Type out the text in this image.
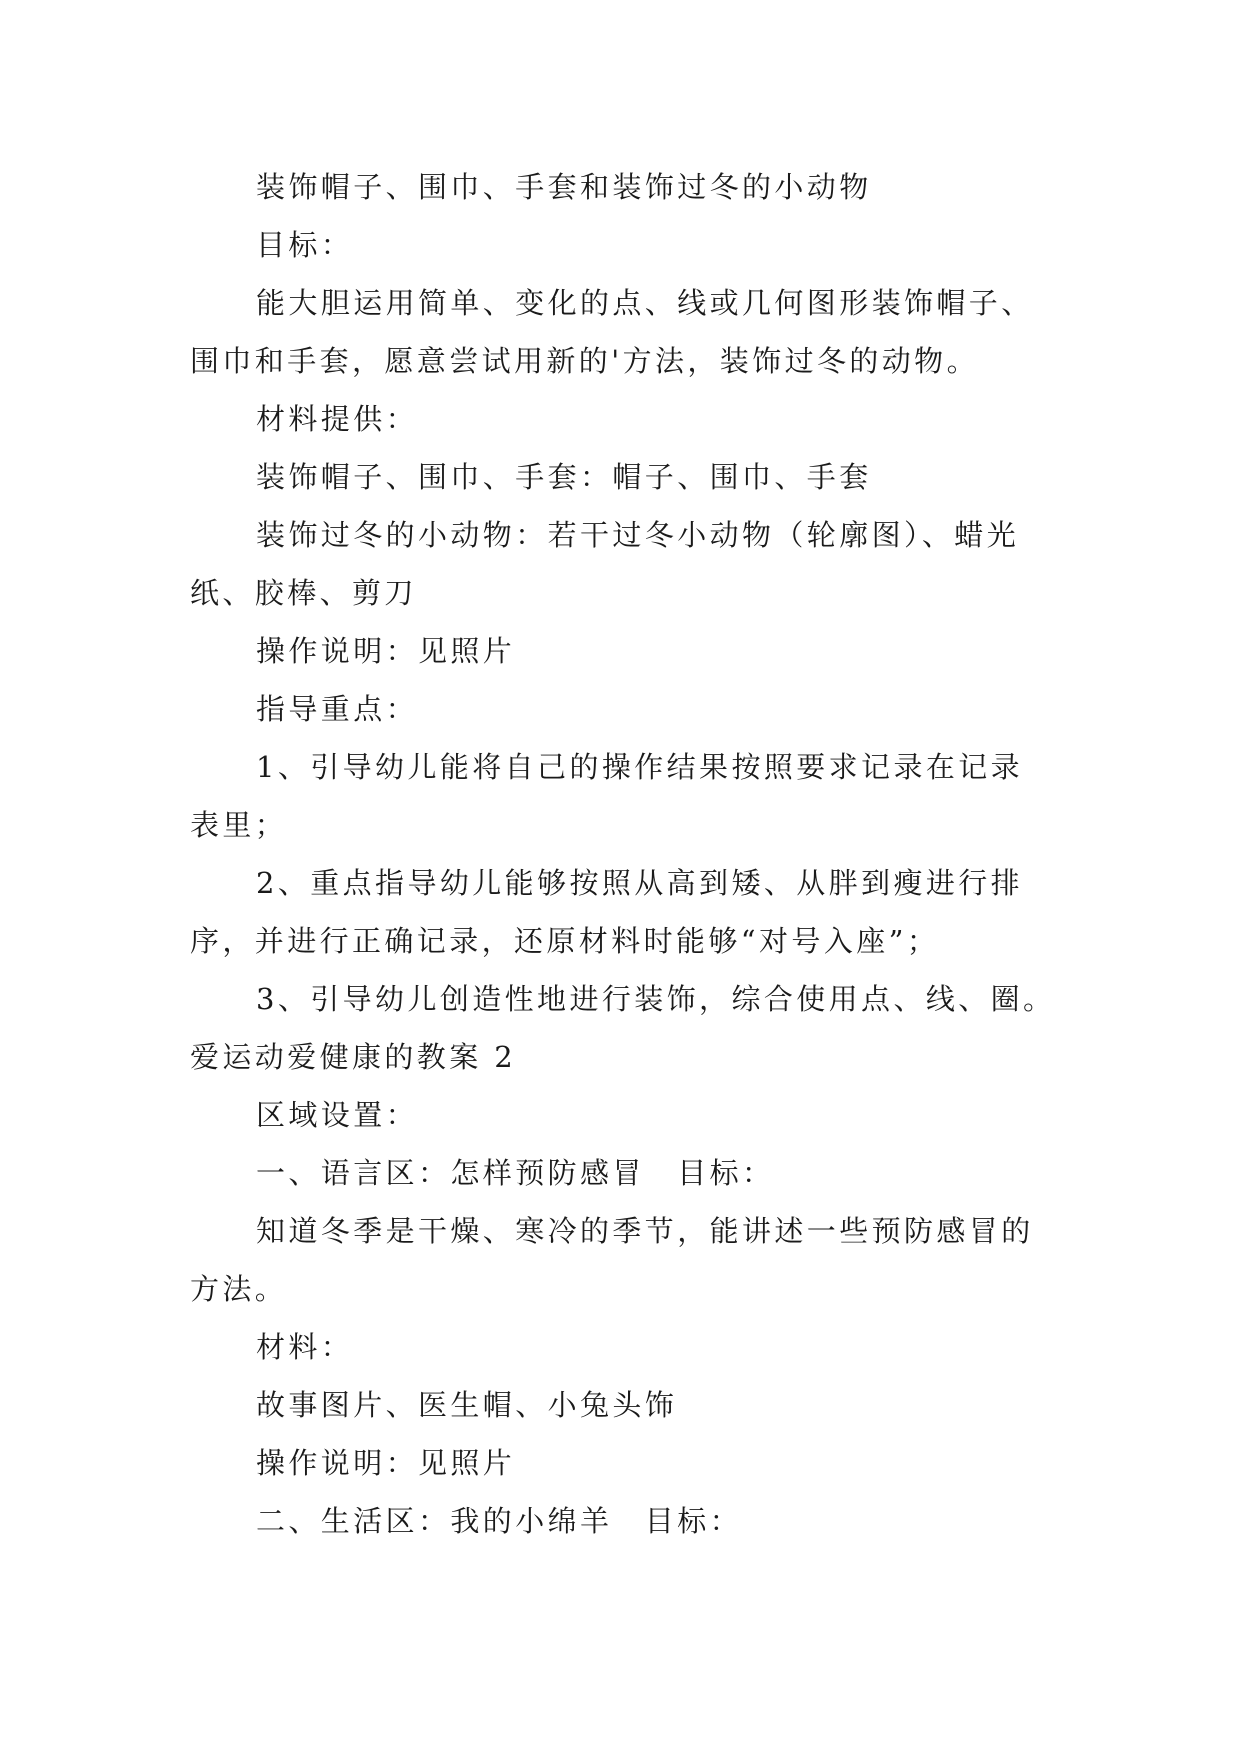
装饰帽子、围巾、手套和装饰过冬的小动物

目标：

能大胆运用简单、变化的点、线或几何图形装饰帽子、

围巾和手套，愿意尝试用新的'方法，装饰过冬的动物。

材料提供：

装饰帽子、围巾、手套：帽子、围巾、手套

装饰过冬的小动物：若干过冬小动物（轮廓图）、蜡光

纸、胶棒、剪刀

操作说明：见照片

指导重点：

1、引导幼儿能将自己的操作结果按照要求记录在记录

表里；

2、重点指导幼儿能够按照从高到矮、从胖到瘦进行排

序，并进行正确记录，还原材料时能够“对号入座”；

3、引导幼儿创造性地进行装饰，综合使用点、线、圈。

爱运动爱健康的教案 2

区域设置：

一、语言区：怎样预防感冒　目标：

知道冬季是干燥、寒冷的季节，能讲述一些预防感冒的

方法。

材料：

故事图片、医生帽、小兔头饰

操作说明：见照片

二、生活区：我的小绵羊　目标：
